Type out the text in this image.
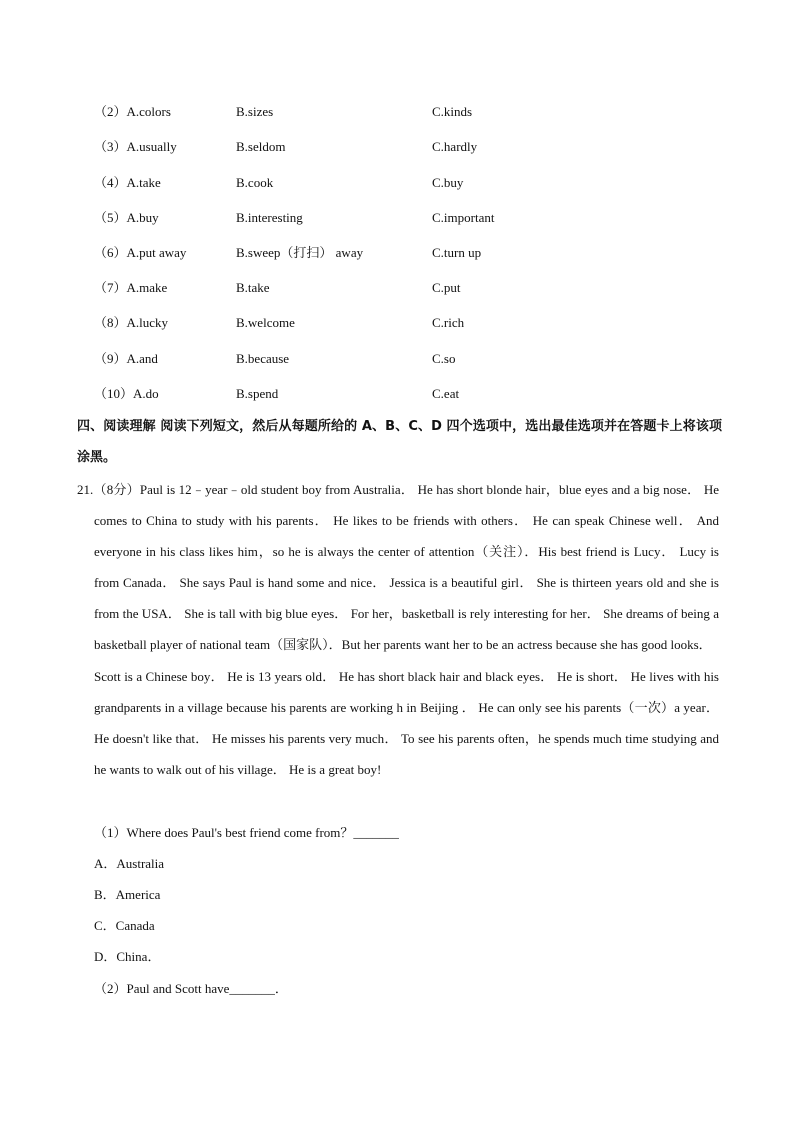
（2）A.colors	B.sizes	C.kinds
（3）A.usually	B.seldom	C.hardly
（4）A.take	B.cook	C.buy
（5）A.buy	B.interesting	C.important
（6）A.put away	B.sweep（打扫） away	C.turn up
（7）A.make	B.take	C.put
（8）A.lucky	B.welcome	C.rich
（9）A.and	B.because	C.so
（10）A.do	B.spend	C.eat
四、阅读理解 阅读下列短文，然后从每题所给的 A、B、C、D 四个选项中，选出最佳选项并在答题卡上将该项涂黑。

21.（8分）Paul is 12﹣year﹣old student boy from Australia． He has short blonde hair，blue eyes and a big nose． He comes to China to study with his parents． He likes to be friends with others． He can speak Chinese well． And everyone in his class likes him，so he is always the center of attention（关注）．His best friend is Lucy． Lucy is from Canada． She says Paul is hand some and nice． Jessica is a beautiful girl． She is thirteen years old and she is from the USA． She is tall with big blue eyes． For her，basketball is rely interesting for her． She dreams of being a basketball player of national team（国家队）．But her parents want her to be an actress because she has good looks．

Scott is a Chinese boy． He is 13 years old． He has short black hair and black eyes． He is short． He lives with his grandparents in a village because his parents are working h in Beijing ． He can only see his parents（一次）a year． He doesn't like that． He misses his parents very much． To see his parents often，he spends much time studying and he wants to walk out of his village． He is a great boy!

（1）Where does Paul's best friend come from？_______
A．Australia
B．America
C．Canada
D．China．
（2）Paul and Scott have_______．
